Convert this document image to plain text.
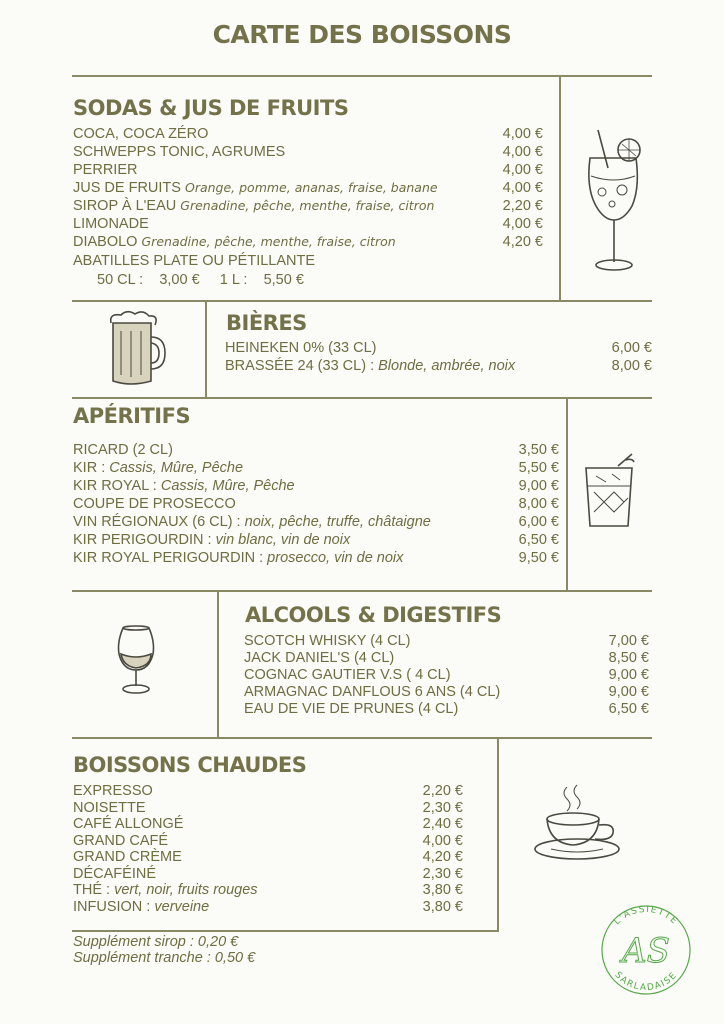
CARTE DES BOISSONS
SODAS & JUS DE FRUITS
COCA, COCA ZÉRO	4,00 €
SCHWEPPS TONIC, AGRUMES	4,00 €
PERRIER	4,00 €
JUS DE FRUITS Orange, pomme, ananas, fraise, banane	4,00 €
SIROP À L'EAU Grenadine, pêche, menthe, fraise, citron	2,20 €
LIMONADE	4,00 €
DIABOLO Grenadine, pêche, menthe, fraise, citron	4,20 €
ABATILLES PLATE OU PÉTILLANTE
50 CL :    3,00 €     1 L :    5,50 €
BIÈRES
HEINEKEN 0% (33 CL)	6,00 €
BRASSÉE 24 (33 CL) : Blonde, ambrée, noix	8,00 €
APÉRITIFS
RICARD (2 CL)	3,50 €
KIR : Cassis, Mûre, Pêche	5,50 €
KIR ROYAL : Cassis, Mûre, Pêche	9,00 €
COUPE DE PROSECCO	8,00 €
VIN RÉGIONAUX (6 CL) : noix, pêche, truffe, châtaigne	6,00 €
KIR PERIGOURDIN : vin blanc, vin de noix	6,50 €
KIR ROYAL PERIGOURDIN : prosecco, vin de noix	9,50 €
ALCOOLS & DIGESTIFS
SCOTCH WHISKY (4 CL)	7,00 €
JACK DANIEL'S (4 CL)	8,50 €
COGNAC GAUTIER V.S ( 4 CL)	9,00 €
ARMAGNAC DANFLOUS 6 ANS (4 CL)	9,00 €
EAU DE VIE DE PRUNES (4 CL)	6,50 €
BOISSONS CHAUDES
EXPRESSO	2,20 €
NOISETTE	2,30 €
CAFÉ ALLONGÉ	2,40 €
GRAND CAFÉ	4,00 €
GRAND CRÈME	4,20 €
DÉCAFÉINÉ	2,30 €
THÉ : vert, noir, fruits rouges	3,80 €
INFUSION : verveine	3,80 €
Supplément sirop : 0,20 €
Supplément tranche : 0,50 €
L'ASSIETTE
SARLADAISE
AS
